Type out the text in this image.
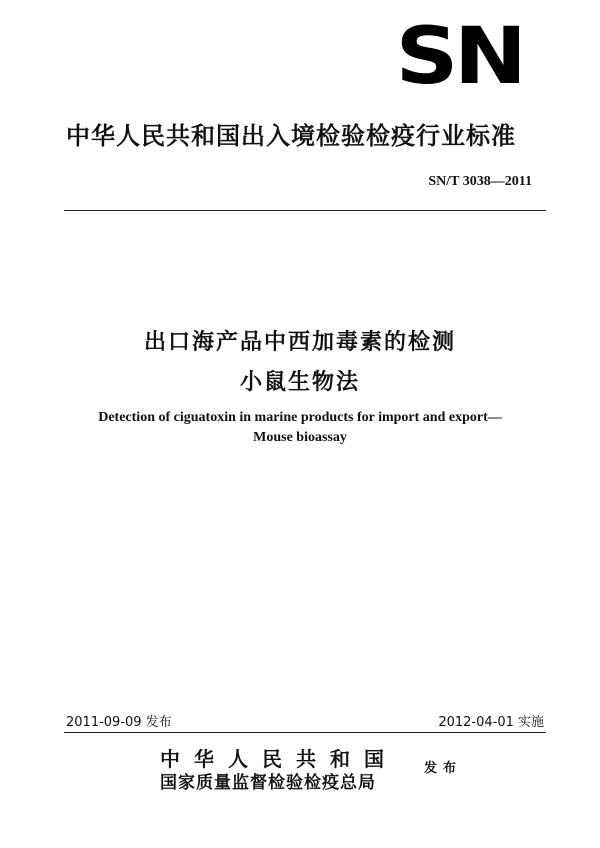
SN
中华人民共和国出入境检验检疫行业标准
SN/T 3038—2011
出口海产品中西加毒素的检测
小鼠生物法
Detection of ciguatoxin in marine products for import and export—
Mouse bioassay
2011-09-09 发布	2012-04-01 实施
中华人民共和国
国家质量监督检验检疫总局
发布
